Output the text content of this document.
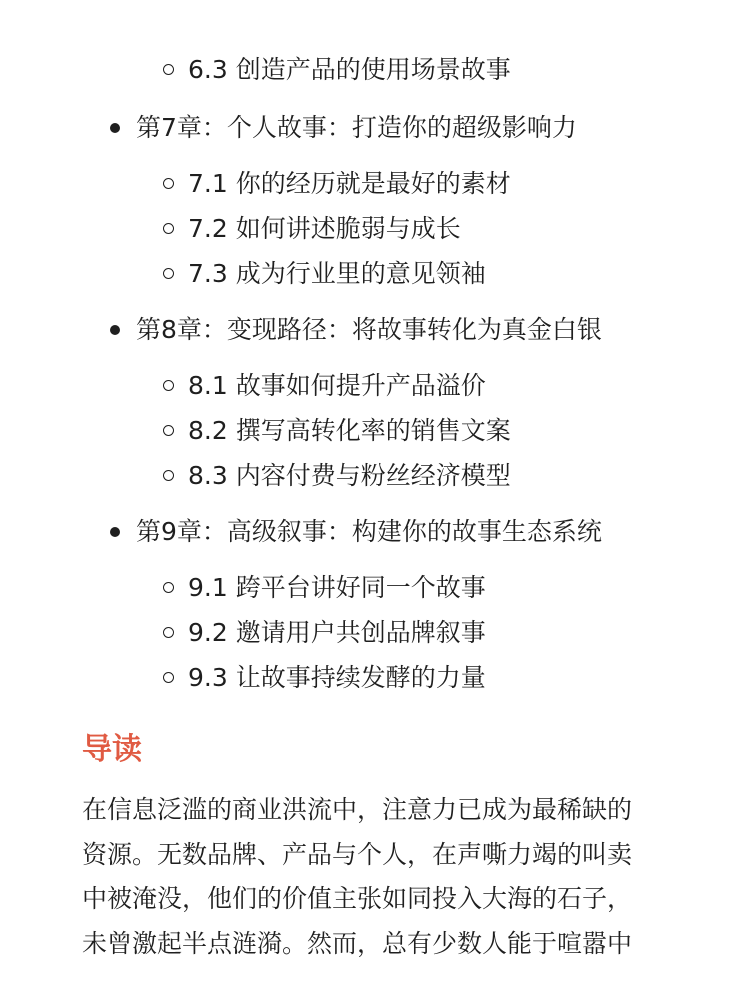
6.3 创造产品的使用场景故事
第7章：个人故事：打造你的超级影响力
7.1 你的经历就是最好的素材
7.2 如何讲述脆弱与成长
7.3 成为行业里的意见领袖
第8章：变现路径：将故事转化为真金白银
8.1 故事如何提升产品溢价
8.2 撰写高转化率的销售文案
8.3 内容付费与粉丝经济模型
第9章：高级叙事：构建你的故事生态系统
9.1 跨平台讲好同一个故事
9.2 邀请用户共创品牌叙事
9.3 让故事持续发酵的力量
导读
在信息泛滥的商业洪流中，注意力已成为最稀缺的
资源。无数品牌、产品与个人，在声嘶力竭的叫卖
中被淹没，他们的价值主张如同投入大海的石子，
未曾激起半点涟漪。然而，总有少数人能于喧嚣中
